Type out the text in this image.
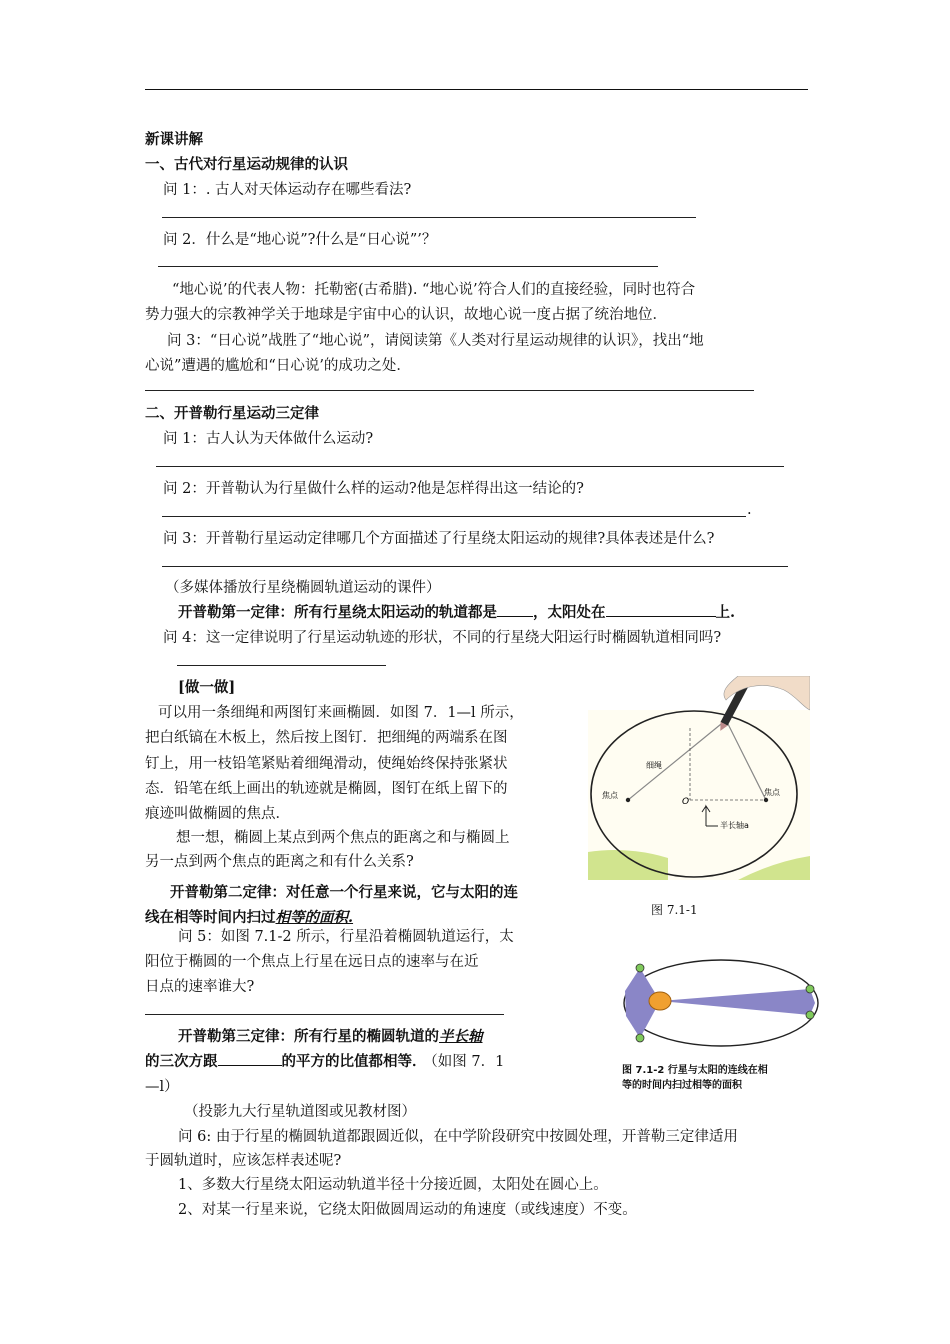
新课讲解
一、古代对行星运动规律的认识
问 1：. 古人对天体运动存在哪些看法?
问 2．什么是“地心说”?什么是“日心说”’？
“地心说’的代表人物：托勒密(古希腊). “地心说’符合人们的直接经验，同时也符合
势力强大的宗教神学关于地球是宇宙中心的认识，故地心说一度占据了统治地位．
问 3：“日心说”战胜了“地心说”，请阅读第《人类对行星运动规律的认识》，找出“地
心说”遭遇的尴尬和“日心说’的成功之处．
二、开普勒行星运动三定律
问 1：古人认为天体做什么运动?
问 2：开普勒认为行星做什么样的运动?他是怎样得出这一结论的?
.
问 3：开普勒行星运动定律哪几个方面描述了行星绕太阳运动的规律?具体表述是什么?
（多媒体播放行星绕椭圆轨道运动的课件）
开普勒第一定律：所有行星绕太阳运动的轨道都是 ，太阳处在	上.
问 4：这一定律说明了行星运动轨迹的形状，不同的行星绕大阳运行时椭圆轨道相同吗?
[做一做]
可以用一条细绳和两图钉来画椭圆．如图 7．1—l 所示，
把白纸镐在木板上，然后按上图钉．把细绳的两端系在图
钉上，用一枝铅笔紧贴着细绳滑动，使绳始终保持张紧状
态．铅笔在纸上画出的轨迹就是椭圆，图钉在纸上留下的
痕迹叫做椭圆的焦点．
想一想，椭圆上某点到两个焦点的距离之和与椭圆上
另一点到两个焦点的距离之和有什么关系?
开普勒第二定律：对任意一个行星来说，它与太阳的连
线在相等时间内扫过相等的面积.
问 5：如图 7.1-2 所示，行星沿着椭圆轨道运行，太
阳位于椭圆的一个焦点上行星在远日点的速率与在近
日点的速率谁大?
开普勒第三定律：所有行星的椭圆轨道的半长轴
的三次方跟	的平方的比值都相等． （如图 7．1
—l）
（投影九大行星轨道图或见教材图）
问 6: 由于行星的椭圆轨道都跟圆近似，在中学阶段研究中按圆处理，开普勒三定律适用
于圆轨道时，应该怎样表述呢?
1、多数大行星绕太阳运动轨道半径十分接近圆，太阳处在圆心上。
2、对某一行星来说，它绕太阳做圆周运动的角速度（或线速度）不变。
细绳
焦点	焦点
O
半长轴a
图 7.1-1
图 7.1-2 行星与太阳的连线在相
等的时间内扫过相等的面积
